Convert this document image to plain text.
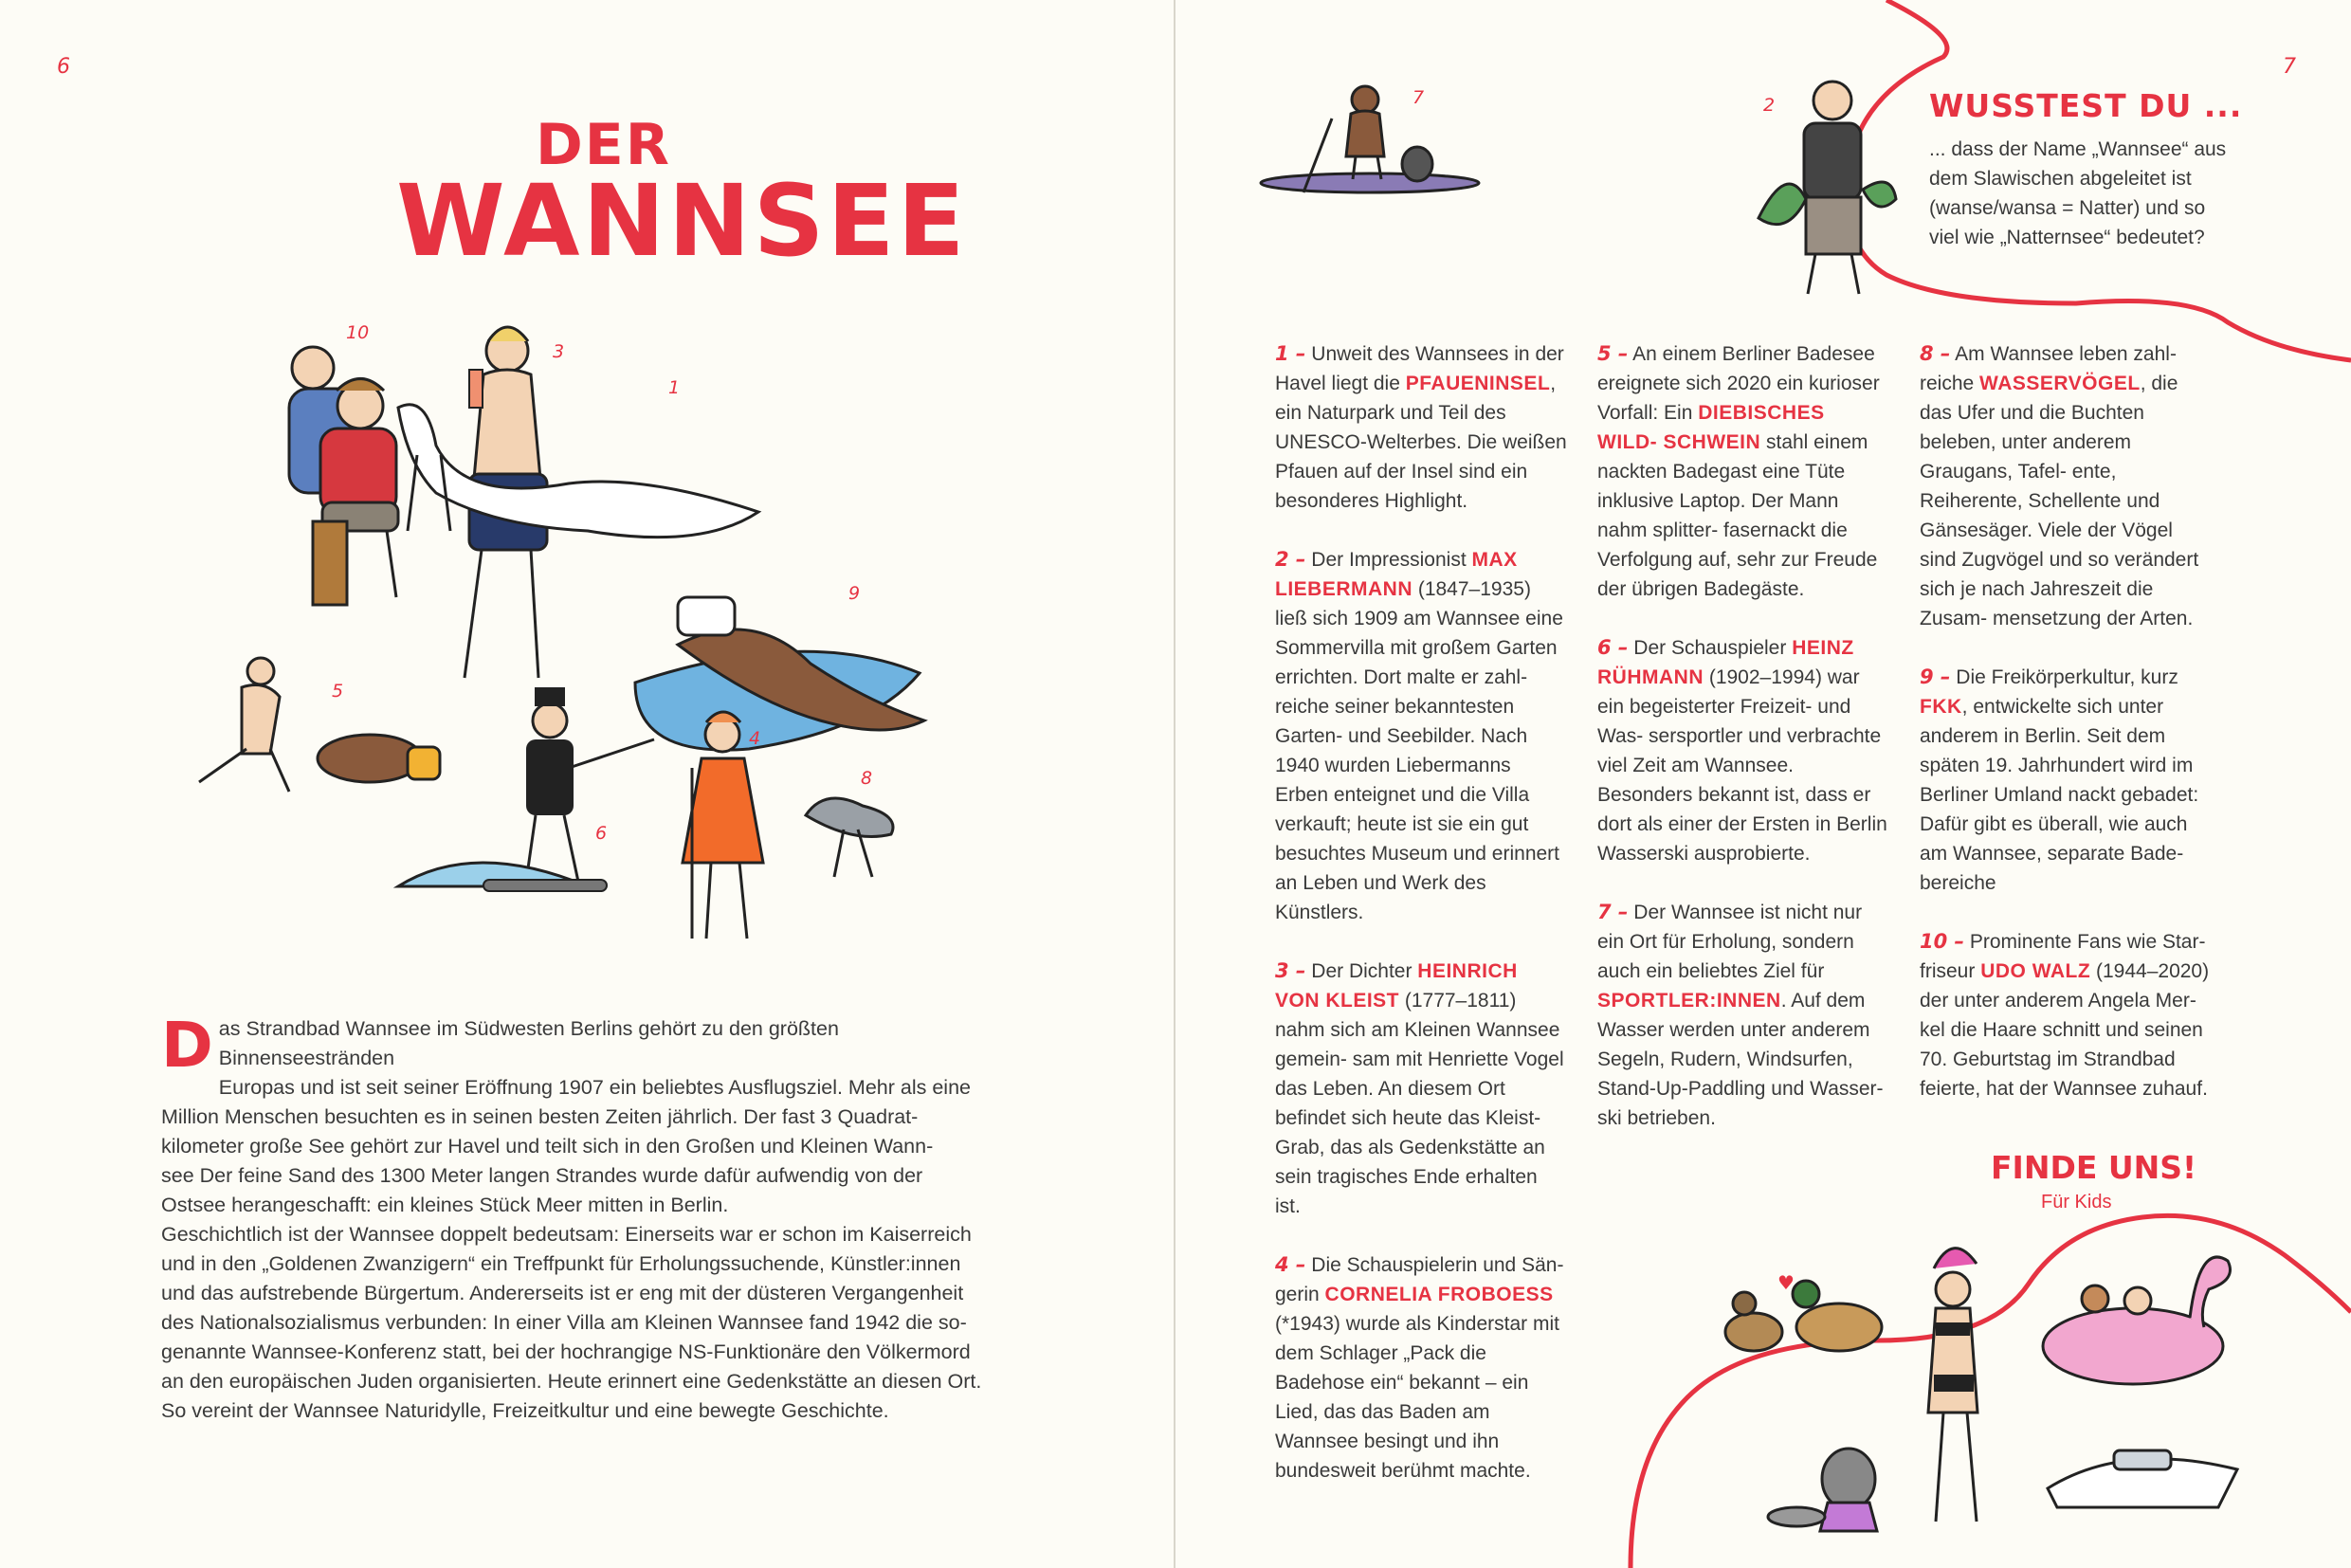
6
DER
WANNSEE
10
3
1
9
5
4
8
6
D as Strandbad Wannsee im Südwesten Berlins gehört zu den größten Binnenseestränden

Europas und ist seit seiner Eröffnung 1907 ein beliebtes Ausflugsziel. Mehr als eine

Million Menschen besuchten es in seinen besten Zeiten jährlich. Der fast 3 Quadrat-

kilometer große See gehört zur Havel und teilt sich in den Großen und Kleinen Wann-

see Der feine Sand des 1300 Meter langen Strandes wurde dafür aufwendig von der

Ostsee herangeschafft: ein kleines Stück Meer mitten in Berlin.

Geschichtlich ist der Wannsee doppelt bedeutsam: Einerseits war er schon im Kaiserreich

und in den „Goldenen Zwanzigern“ ein Treffpunkt für Erholungssuchende, Künstler:innen

und das aufstrebende Bürgertum. Andererseits ist er eng mit der düsteren Vergangenheit

des Nationalsozialismus verbunden: In einer Villa am Kleinen Wannsee fand 1942 die so-

genannte Wannsee-Konferenz statt, bei der hochrangige NS-Funktionäre den Völkermord

an den europäischen Juden organisierten. Heute erinnert eine Gedenkstätte an diesen Ort.

So vereint der Wannsee Naturidylle, Freizeitkultur und eine bewegte Geschichte.

7
7	2	WUSSTEST DU ...
... dass der Name „Wannsee“ aus dem Slawischen abgeleitet ist (wanse/wansa = Natter) und so viel wie „Natternsee“ bedeutet?

1 – Unweit des Wannsees in der Havel liegt die PFAUENINSEL, ein Naturpark und Teil des UNESCO-Welterbes. Die weißen Pfauen auf der Insel sind ein besonderes Highlight.

2 – Der Impressionist MAX LIEBERMANN (1847–1935) ließ sich 1909 am Wannsee eine Sommervilla mit großem Garten errichten. Dort malte er zahl- reiche seiner bekanntesten Garten- und Seebilder. Nach 1940 wurden Liebermanns Erben enteignet und die Villa verkauft; heute ist sie ein gut besuchtes Museum und erinnert an Leben und Werk des Künstlers.

3 – Der Dichter HEINRICH VON KLEIST (1777–1811) nahm sich am Kleinen Wannsee gemein- sam mit Henriette Vogel das Leben. An diesem Ort befindet sich heute das Kleist-Grab, das als Gedenkstätte an sein tragisches Ende erhalten ist.

4 – Die Schauspielerin und Sän- gerin CORNELIA FROBOESS (*1943) wurde als Kinderstar mit dem Schlager „Pack die Badehose ein“ bekannt – ein Lied, das das Baden am Wannsee besingt und ihn bundesweit berühmt machte.

5 – An einem Berliner Badesee ereignete sich 2020 ein kurioser Vorfall: Ein DIEBISCHES WILD- SCHWEIN stahl einem nackten Badegast eine Tüte inklusive Laptop. Der Mann nahm splitter- fasernackt die Verfolgung auf, sehr zur Freude der übrigen Badegäste.

6 – Der Schauspieler HEINZ RÜHMANN (1902–1994) war ein begeisterter Freizeit- und Was- sersportler und verbrachte viel Zeit am Wannsee. Besonders bekannt ist, dass er dort als einer der Ersten in Berlin Wasserski ausprobierte.

7 – Der Wannsee ist nicht nur ein Ort für Erholung, sondern auch ein beliebtes Ziel für SPORTLER:INNEN. Auf dem Wasser werden unter anderem Segeln, Rudern, Windsurfen, Stand-Up-Paddling und Wasser- ski betrieben.

8 – Am Wannsee leben zahl- reiche WASSERVÖGEL, die das Ufer und die Buchten beleben, unter anderem Graugans, Tafel- ente, Reiherente, Schellente und Gänsesäger. Viele der Vögel sind Zugvögel und so verändert sich je nach Jahreszeit die Zusam- mensetzung der Arten.

9 – Die Freikörperkultur, kurz FKK, entwickelte sich unter anderem in Berlin. Seit dem späten 19. Jahrhundert wird im Berliner Umland nackt gebadet: Dafür gibt es überall, wie auch am Wannsee, separate Bade- bereiche

10 – Prominente Fans wie Star- friseur UDO WALZ (1944–2020) der unter anderem Angela Mer- kel die Haare schnitt und seinen 70. Geburtstag im Strandbad feierte, hat der Wannsee zuhauf.

FINDE UNS!
Für Kids
♥
